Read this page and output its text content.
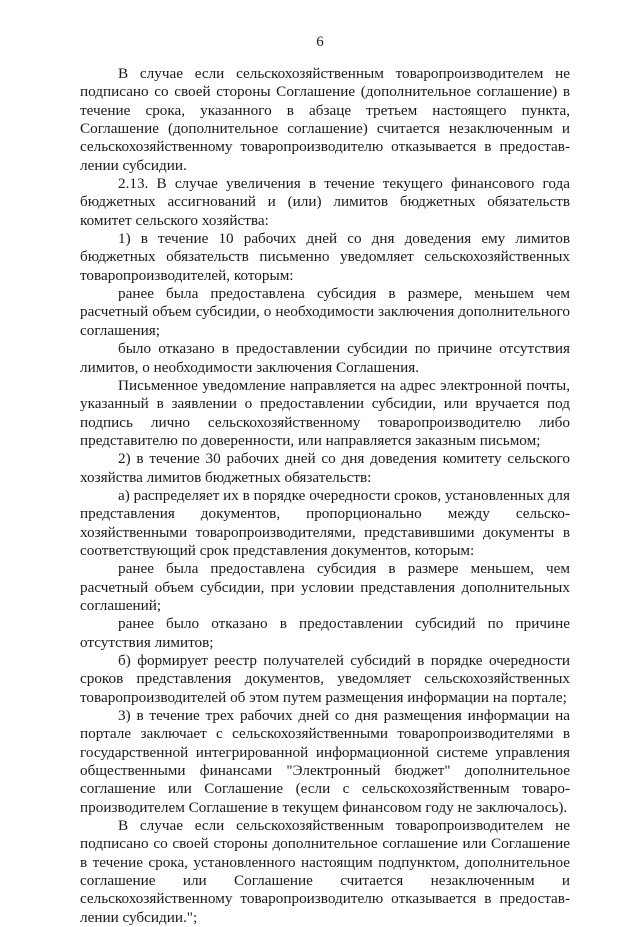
6

В случае если сельскохозяйственным товаропроизводителем не подписано со своей стороны Соглашение (дополнительное соглашение) в течение срока, указанного в абзаце третьем настоящего пункта, Соглашение (дополнительное соглашение) считается незаключенным и сельскохозяйственному товаропроизводителю отказывается в предоставлении субсидии.

2.13. В случае увеличения в течение текущего финансового года бюджетных ассигнований и (или) лимитов бюджетных обязательств комитет сельского хозяйства:

1) в течение 10 рабочих дней со дня доведения ему лимитов бюджетных обязательств письменно уведомляет сельскохозяйственных товаропроизводителей, которым:

ранее была предоставлена субсидия в размере, меньшем чем расчетный объем субсидии, о необходимости заключения дополнительного соглашения;

было отказано в предоставлении субсидии по причине отсутствия лимитов, о необходимости заключения Соглашения.

Письменное уведомление направляется на адрес электронной почты, указанный в заявлении о предоставлении субсидии, или вручается под подпись лично сельскохозяйственному товаропроизводителю либо представителю по доверенности, или направляется заказным письмом;

2) в течение 30 рабочих дней со дня доведения комитету сельского хозяйства лимитов бюджетных обязательств:

а) распределяет их в порядке очередности сроков, установленных для представления документов, пропорционально между сельскохозяйственными товаропроизводителями, представившими документы в соответствующий срок представления документов, которым:

ранее была предоставлена субсидия в размере меньшем, чем расчетный объем субсидии, при условии представления дополнительных соглашений;

ранее было отказано в предоставлении субсидий по причине отсутствия лимитов;

б) формирует реестр получателей субсидий в порядке очередности сроков представления документов, уведомляет сельскохозяйственных товаропроизводителей об этом путем размещения информации на портале;

3) в течение трех рабочих дней со дня размещения информации на портале заключает с сельскохозяйственными товаропроизводителями в государственной интегрированной информационной системе управления общественными финансами "Электронный бюджет" дополнительное соглашение или Соглашение (если с сельскохозяйственным товаропроизводителем Соглашение в текущем финансовом году не заключалось).

В случае если сельскохозяйственным товаропроизводителем не подписано со своей стороны дополнительное соглашение или Соглашение в течение срока, установленного настоящим подпунктом, дополнительное соглашение или Соглашение считается незаключенным и сельскохозяйственному товаропроизводителю отказывается в предоставлении субсидии.";
